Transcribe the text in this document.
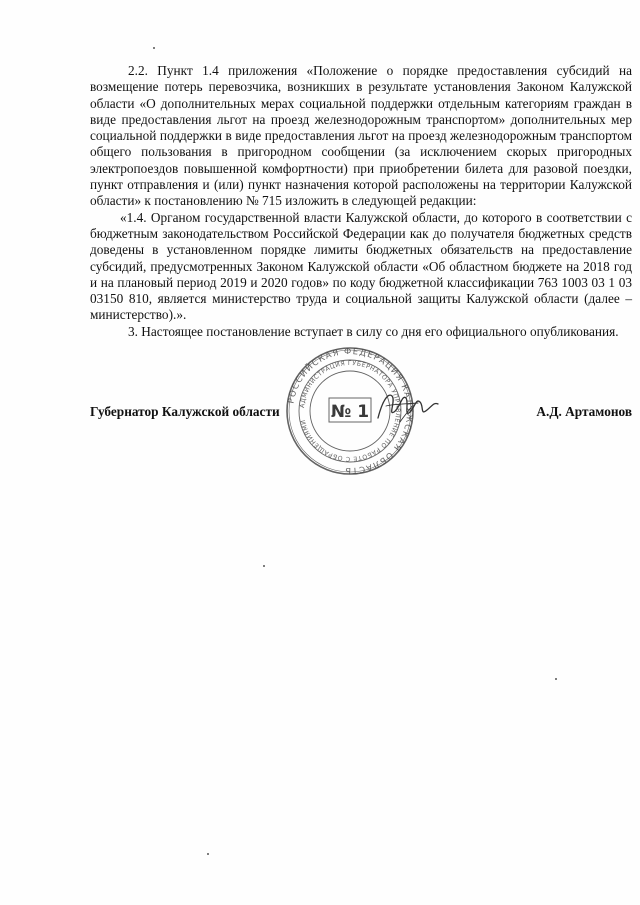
2.2. Пункт 1.4 приложения «Положение о порядке предоставления субсидий на возмещение потерь перевозчика, возникших в результате установления Законом Калужской области «О дополнительных мерах социальной поддержки отдельным категориям граждан в виде предоставления льгот на проезд железнодорожным транспортом» дополнительных мер социальной поддержки в виде предоставления льгот на проезд железнодорожным транспортом общего пользования в пригородном сообщении (за исключением скорых пригородных электропоездов повышенной комфортности) при приобретении билета для разовой поездки, пункт отправления и (или) пункт назначения которой расположены на территории Калужской области» к постановлению № 715 изложить в следующей редакции:

«1.4. Органом государственной власти Калужской области, до которого в соответствии с бюджетным законодательством Российской Федерации как до получателя бюджетных средств доведены в установленном порядке лимиты бюджетных обязательств на предоставление субсидий, предусмотренных Законом Калужской области «Об областном бюджете на 2018 год и на плановый период 2019 и 2020 годов» по коду бюджетной классификации 763 1003 03 1 03 03150 810, является министерство труда и социальной защиты Калужской области (далее – министерство).».

3. Настоящее постановление вступает в силу со дня его официального опубликования.

Губернатор Калужской области	А.Д. Артамонов
РОССИЙСКАЯ ФЕДЕРАЦИЯ КАЛУЖСКАЯ ОБЛАСТЬ
АДМИНИСТРАЦИЯ ГУБЕРНАТОРА УПРАВЛЕНИЕ ПО РАБОТЕ С ОБРАЩЕНИЯМИ	№ 1
